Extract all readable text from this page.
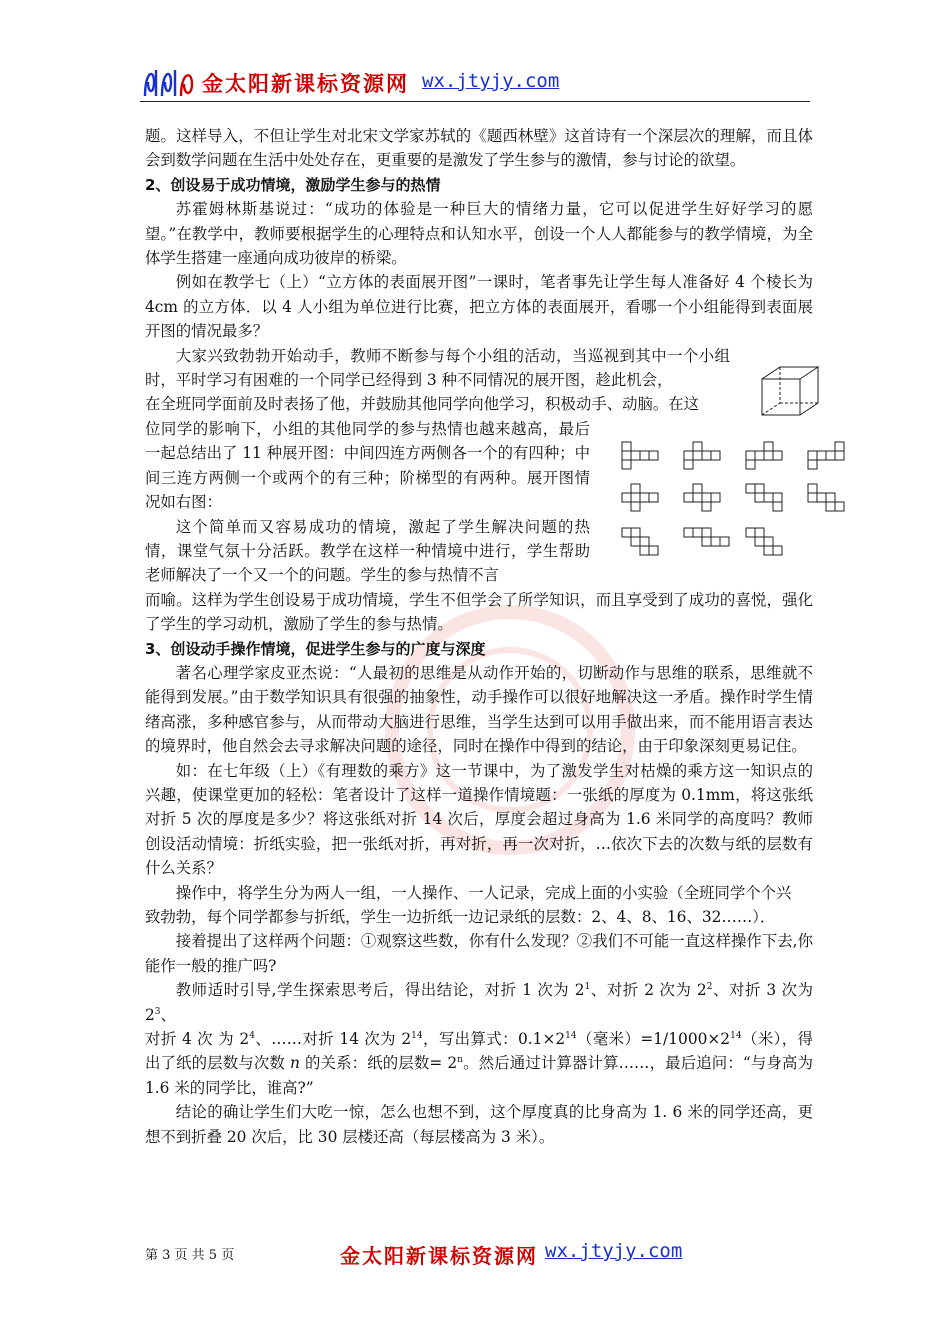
金太阳新课标资源网 wx.jtyjy.com

题。这样导入，不但让学生对北宋文学家苏轼的《题西林壁》这首诗有一个深层次的理解，而且体会到数学问题在生活中处处存在，更重要的是激发了学生参与的激情，参与讨论的欲望。

2、创设易于成功情境，激励学生参与的热情

苏霍姆林斯基说过：“成功的体验是一种巨大的情绪力量，它可以促进学生好好学习的愿望。”在教学中，教师要根据学生的心理特点和认知水平，创设一个人人都能参与的教学情境，为全体学生搭建一座通向成功彼岸的桥梁。

例如在教学七（上）“立方体的表面展开图”一课时，笔者事先让学生每人准备好 4 个棱长为 4cm 的立方体．以 4 人小组为单位进行比赛，把立方体的表面展开，看哪一个小组能得到表面展开图的情况最多？

大家兴致勃勃开始动手，教师不断参与每个小组的活动，当巡视到其中一个小组时，平时学习有困难的一个同学已经得到 3 种不同情况的展开图，趁此机会，

在全班同学面前及时表扬了他，并鼓励其他同学向他学习，积极动手、动脑。在这

位同学的影响下，小组的其他同学的参与热情也越来越高，最后一起总结出了 11 种展开图：中间四连方两侧各一个的有四种；中间三连方两侧一个或两个的有三种；阶梯型的有两种。展开图情况如右图：

这个简单而又容易成功的情境，激起了学生解决问题的热情，课堂气氛十分活跃。教学在这样一种情境中进行，学生帮助老师解决了一个又一个的问题。学生的参与热情不言

而喻。这样为学生创设易于成功情境，学生不但学会了所学知识，而且享受到了成功的喜悦，强化了学生的学习动机，激励了学生的参与热情。

3、创设动手操作情境，促进学生参与的广度与深度

著名心理学家皮亚杰说：“人最初的思维是从动作开始的，切断动作与思维的联系，思维就不能得到发展。”由于数学知识具有很强的抽象性，动手操作可以很好地解决这一矛盾。操作时学生情绪高涨，多种感官参与，从而带动大脑进行思维，当学生达到可以用手做出来，而不能用语言表达的境界时，他自然会去寻求解决问题的途径，同时在操作中得到的结论，由于印象深刻更易记住。

如：在七年级（上）《有理数的乘方》这一节课中，为了激发学生对枯燥的乘方这一知识点的兴趣，使课堂更加的轻松：笔者设计了这样一道操作情境题：一张纸的厚度为 0.1mm，将这张纸对折 5 次的厚度是多少？将这张纸对折 14 次后，厚度会超过身高为 1.6 米同学的高度吗？教师创设活动情境：折纸实验，把一张纸对折，再对折，再一次对折，…依次下去的次数与纸的层数有什么关系？

操作中，将学生分为两人一组，一人操作、一人记录，完成上面的小实验（全班同学个个兴

致勃勃，每个同学都参与折纸，学生一边折纸一边记录纸的层数：2、4、8、16、32……）．

接着提出了这样两个问题：①观察这些数，你有什么发现？②我们不可能一直这样操作下去,你能作一般的推广吗?

教师适时引导,学生探索思考后，得出结论，对折 1 次为 $2^1$、对折 2 次为 $2^2$、对折 3 次为 $2^3$、

对折 4 次 为 $2^4$、……对折 14 次为 $2^{14}$，写出算式：$0.1\times 2^{14}$（毫米）$=1/1000\times 2^{14}$（米），得出了纸的层数与次数 n 的关系：纸的层数= $2^n$。然后通过计算器计算……，最后追问：“与身高为 1.6 米的同学比，谁高?”

结论的确让学生们大吃一惊，怎么也想不到，这个厚度真的比身高为 1. 6 米的同学还高，更想不到折叠 20 次后，比 30 层楼还高（每层楼高为 3 米）。

第 3 页 共 5 页	金太阳新课标资源网 wx.jtyjy.com
